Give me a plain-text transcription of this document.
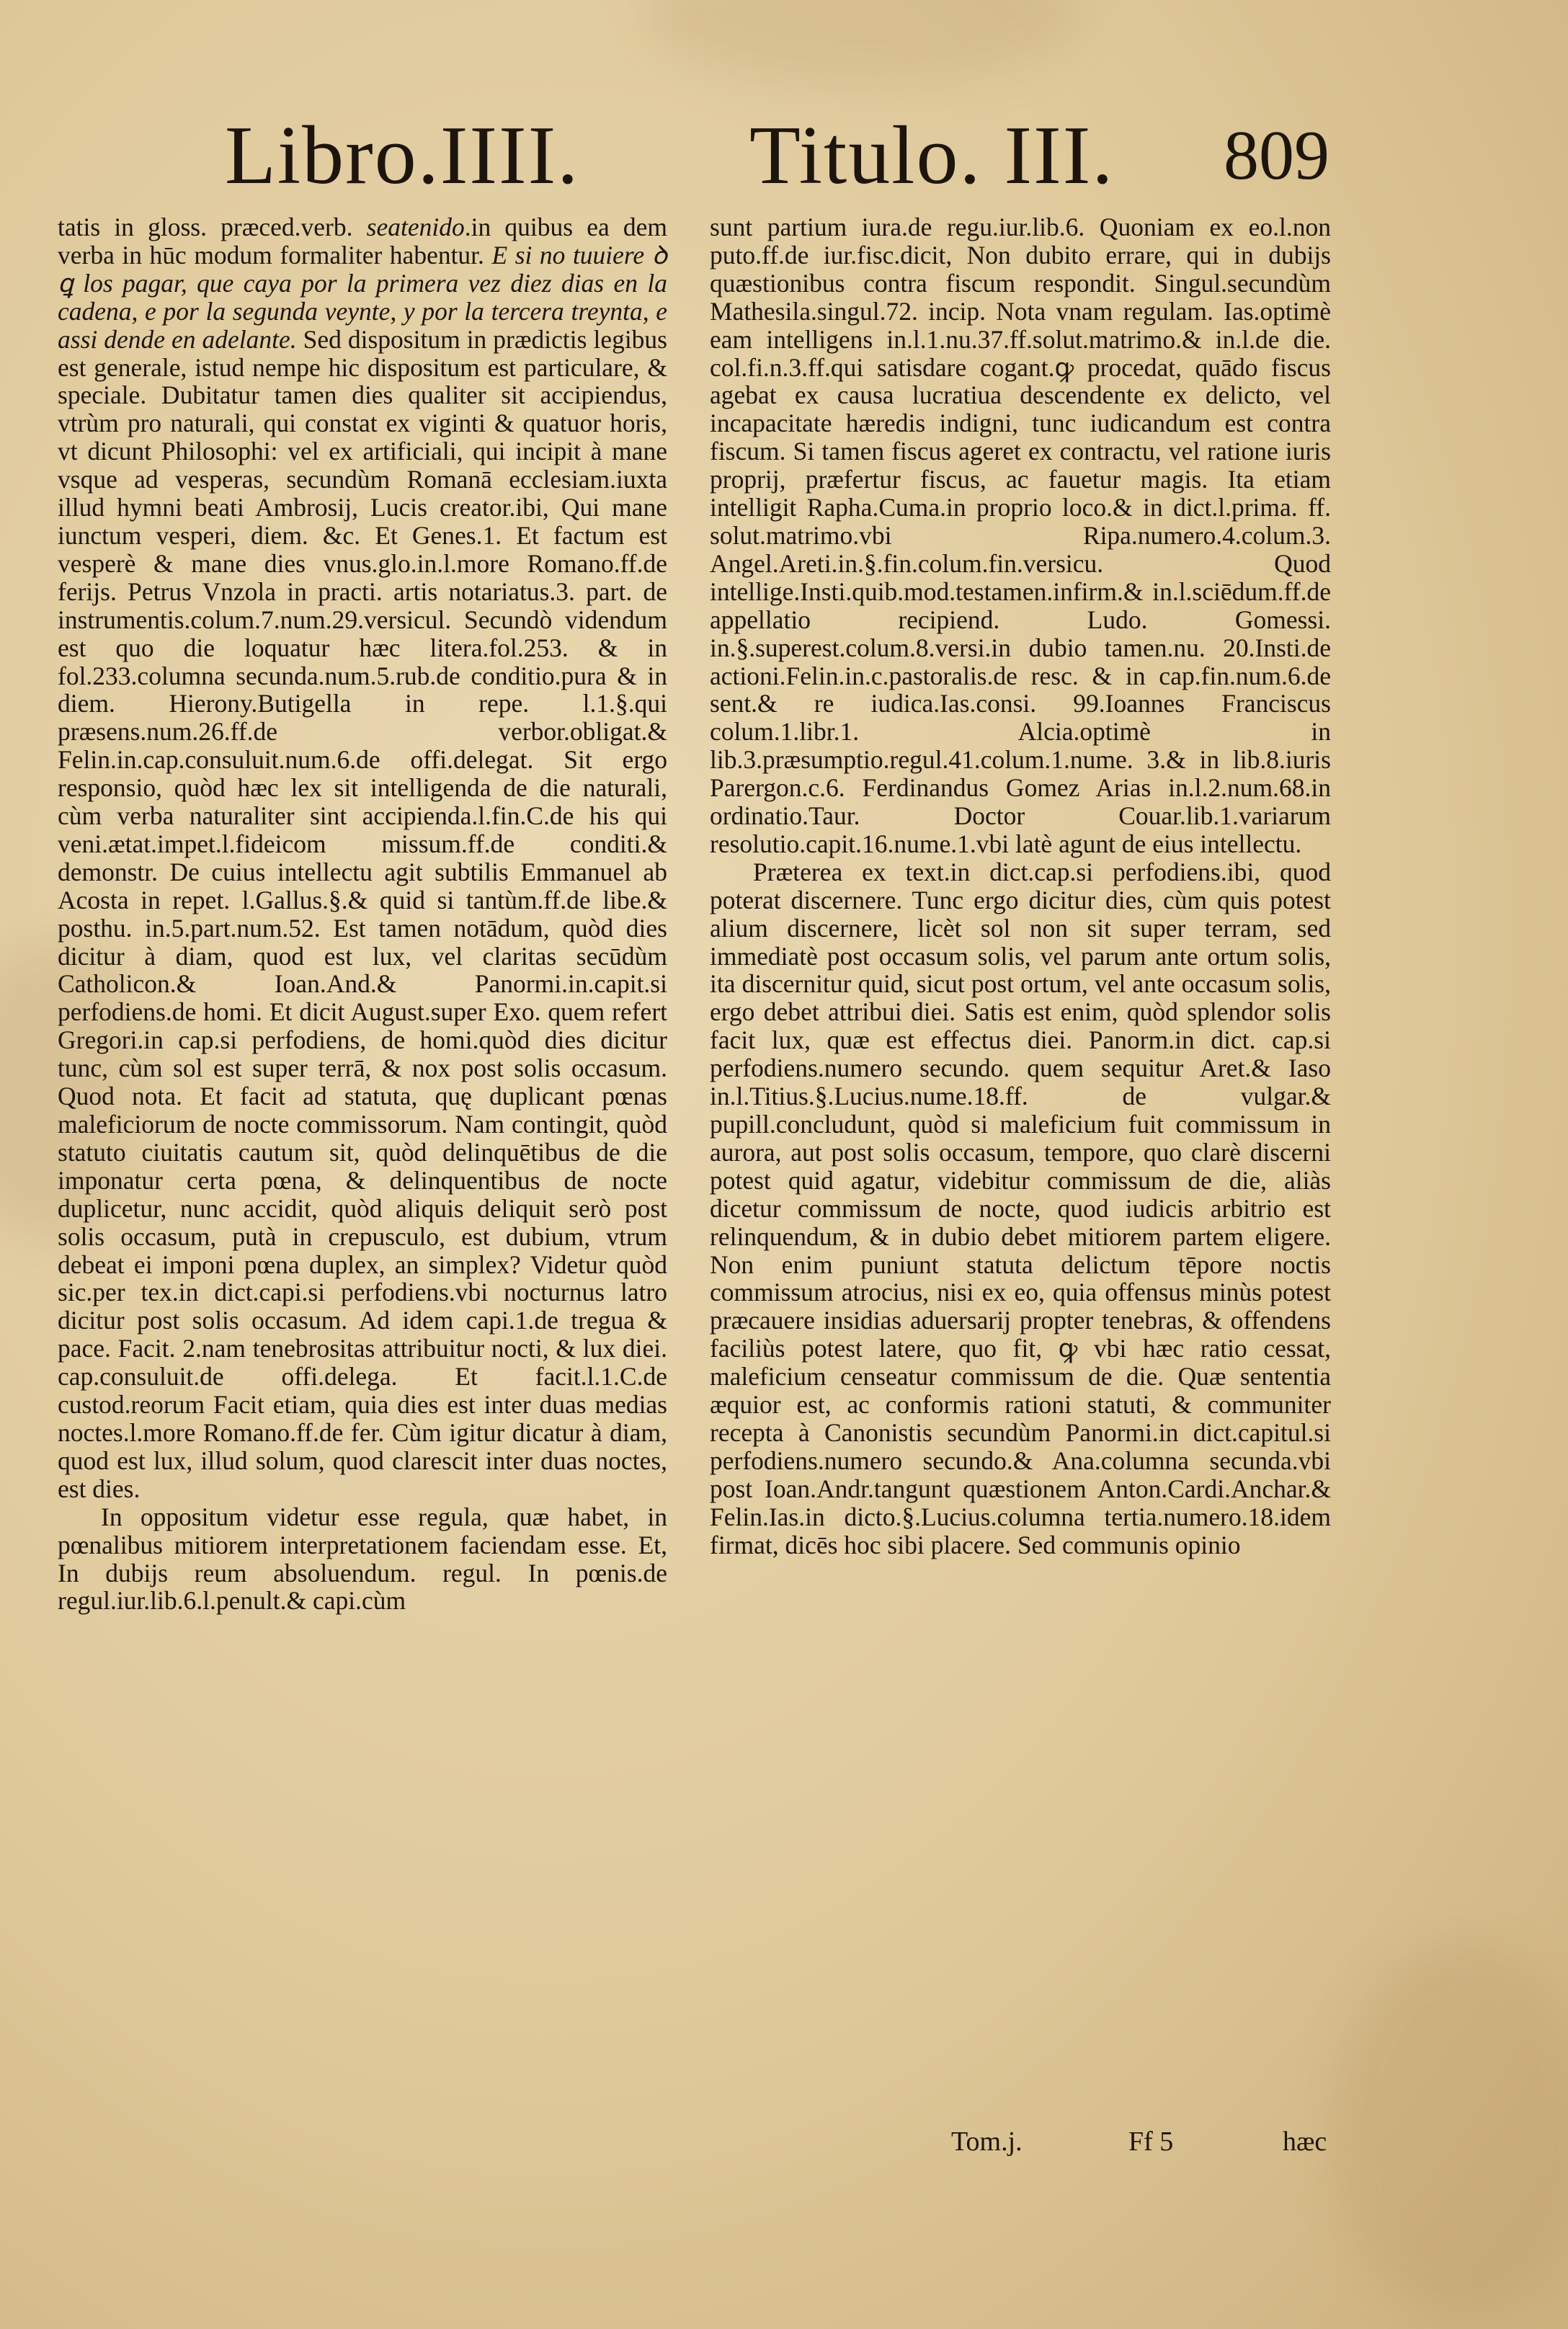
Libro.IIII. Titulo. III. 809

tatis in gloss. præced.verb. seatenido.in quibus ea dem verba in hūc modum formaliter habentur. E si no tuuiere ꝺ ꝗ los pagar, que caya por la primera vez diez dias en la cadena, e por la segunda veynte, y por la tercera treynta, e assi dende en adelante. Sed dispositum in prædictis legibus est generale, istud nempe hic dispositum est particulare, & speciale. Dubitatur tamen dies qualiter sit accipiendus, vtrùm pro naturali, qui constat ex viginti & quatuor horis, vt dicunt Philosophi: vel ex artificiali, qui incipit à mane vsque ad vesperas, secundùm Romanā ecclesiam.iuxta illud hymni beati Ambrosij, Lucis creator.ibi, Qui mane iunctum vesperi, diem. &c. Et Genes.1. Et factum est vesperè & mane dies vnus.glo.in.l.more Romano.ff.de ferijs. Petrus Vnzola in practi. artis notariatus.3. part. de instrumentis.colum.7.num.29.versicul. Secundò videndum est quo die loquatur hæc litera.fol.253. & in fol.233.columna secunda.num.5.rub.de conditio.pura & in diem. Hierony.Butigella in repe. l.1.§.qui præsens.num.26.ff.de verbor.obligat.& Felin.in.cap.consuluit.num.6.de offi.delegat. Sit ergo responsio, quòd hæc lex sit intelligenda de die naturali, cùm verba naturaliter sint accipienda.l.fin.C.de his qui veni.ætat.impet.l.fideicom missum.ff.de conditi.& demonstr. De cuius intellectu agit subtilis Emmanuel ab Acosta in repet. l.Gallus.§.& quid si tantùm.ff.de libe.& posthu. in.5.part.num.52. Est tamen notādum, quòd dies dicitur à diam, quod est lux, vel claritas secūdùm Catholicon.& Ioan.And.& Panormi.in.capit.si perfodiens.de homi. Et dicit August.super Exo. quem refert Gregori.in cap.si perfodiens, de homi.quòd dies dicitur tunc, cùm sol est super terrā, & nox post solis occasum. Quod nota. Et facit ad statuta, quę duplicant pœnas maleficiorum de nocte commissorum. Nam contingit, quòd statuto ciuitatis cautum sit, quòd delinquētibus de die imponatur certa pœna, & delinquentibus de nocte duplicetur, nunc accidit, quòd aliquis deliquit serò post solis occasum, putà in crepusculo, est dubium, vtrum debeat ei imponi pœna duplex, an simplex? Videtur quòd sic.per tex.in dict.capi.si perfodiens.vbi nocturnus latro dicitur post solis occasum. Ad idem capi.1.de tregua & pace. Facit. 2.nam tenebrositas attribuitur nocti, & lux diei. cap.consuluit.de offi.delega. Et facit.l.1.C.de custod.reorum Facit etiam, quia dies est inter duas medias noctes.l.more Romano.ff.de fer. Cùm igitur dicatur à diam, quod est lux, illud solum, quod clarescit inter duas noctes, est dies.

In oppositum videtur esse regula, quæ habet, in pœnalibus mitiorem interpretationem faciendam esse. Et, In dubijs reum absoluendum. regul. In pœnis.de regul.iur.lib.6.l.penult.& capi.cùm

sunt partium iura.de regu.iur.lib.6. Quoniam ex eo.l.non puto.ff.de iur.fisc.dicit, Non dubito errare, qui in dubijs quæstionibus contra fiscum respondit. Singul.secundùm Mathesila.singul.72. incip. Nota vnam regulam. Ias.optimè eam intelligens in.l.1.nu.37.ff.solut.matrimo.& in.l.de die. col.fi.n.3.ff.qui satisdare cogant.ꝙ procedat, quādo fiscus agebat ex causa lucratiua descendente ex delicto, vel incapacitate hæredis indigni, tunc iudicandum est contra fiscum. Si tamen fiscus ageret ex contractu, vel ratione iuris proprij, præfertur fiscus, ac fauetur magis. Ita etiam intelligit Rapha.Cuma.in proprio loco.& in dict.l.prima. ff. solut.matrimo.vbi Ripa.numero.4.colum.3. Angel.Areti.in.§.fin.colum.fin.versicu. Quod intellige.Insti.quib.mod.testamen.infirm.& in.l.sciēdum.ff.de appellatio recipiend. Ludo. Gomessi. in.§.superest.colum.8.versi.in dubio tamen.nu. 20.Insti.de actioni.Felin.in.c.pastoralis.de resc. & in cap.fin.num.6.de sent.& re iudica.Ias.consi. 99.Ioannes Franciscus colum.1.libr.1. Alcia.optimè in lib.3.præsumptio.regul.41.colum.1.nume. 3.& in lib.8.iuris Parergon.c.6. Ferdinandus Gomez Arias in.l.2.num.68.in ordinatio.Taur. Doctor Couar.lib.1.variarum resolutio.capit.16.nume.1.vbi latè agunt de eius intellectu.

Præterea ex text.in dict.cap.si perfodiens.ibi, quod poterat discernere. Tunc ergo dicitur dies, cùm quis potest alium discernere, licèt sol non sit super terram, sed immediatè post occasum solis, vel parum ante ortum solis, ita discernitur quid, sicut post ortum, vel ante occasum solis, ergo debet attribui diei. Satis est enim, quòd splendor solis facit lux, quæ est effectus diei. Panorm.in dict. cap.si perfodiens.numero secundo. quem sequitur Aret.& Iaso in.l.Titius.§.Lucius.nume.18.ff. de vulgar.& pupill.concludunt, quòd si maleficium fuit commissum in aurora, aut post solis occasum, tempore, quo clarè discerni potest quid agatur, videbitur commissum de die, aliàs dicetur commissum de nocte, quod iudicis arbitrio est relinquendum, & in dubio debet mitiorem partem eligere. Non enim puniunt statuta delictum tēpore noctis commissum atrocius, nisi ex eo, quia offensus minùs potest præcauere insidias aduersarij propter tenebras, & offendens faciliùs potest latere, quo fit, ꝙ vbi hæc ratio cessat, maleficium censeatur commissum de die. Quæ sententia æquior est, ac conformis rationi statuti, & communiter recepta à Canonistis secundùm Panormi.in dict.capitul.si perfodiens.numero secundo.& Ana.columna secunda.vbi post Ioan.Andr.tangunt quæstionem Anton.Cardi.Anchar.& Felin.Ias.in dicto.§.Lucius.columna tertia.numero.18.idem firmat, dicēs hoc sibi placere. Sed communis opinio

Tom.j.	Ff 5	hæc
